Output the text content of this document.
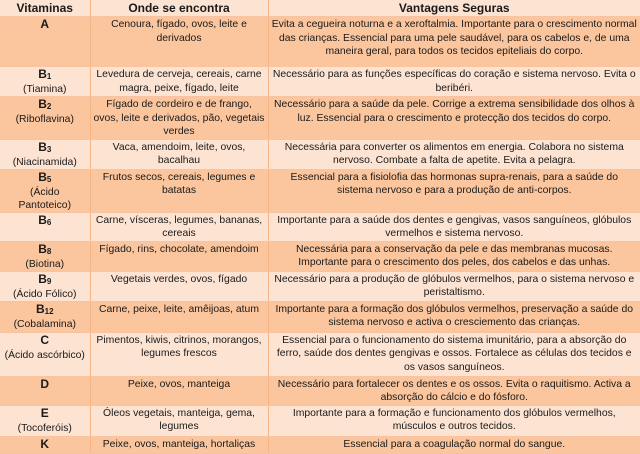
Vitaminas	Onde se encontra	Vantagens Seguras

A	Cenoura, fígado, ovos, leite e derivados	Evita a cegueira noturna e a xeroftalmia. Importante para o crescimento normal das crianças. Essencial para uma pele saudável, para os cabelos e, de uma maneira geral, para todos os tecidos epiteliais do corpo.

$B_1$
(Tiamina)	Levedura de cerveja, cereais, carne magra, peixe, fígado, leite	Necessário para as funções específicas do coração e sistema nervoso. Evita o beribéri.

$B_2$
(Riboflavina)	Fígado de cordeiro e de frango, ovos, leite e derivados, pão, vegetais verdes	Necessário para a saúde da pele. Corrige a extrema sensibilidade dos olhos à luz. Essencial para o crescimento e protecção dos tecidos do corpo.

$B_3$
(Niacinamida)	Vaca, amendoim, leite, ovos, bacalhau	Necessária para converter os alimentos em energia. Colabora no sistema nervoso. Combate a falta de apetite. Evita a pelagra.

$B_5$
(Ácido Pantoteico)	Frutos secos, cereais, legumes e batatas	Essencial para a fisiolofia das hormonas supra-renais, para a saúde do sistema nervoso e para a produção de anti-corpos.

$B_6$	Carne, vísceras, legumes, bananas, cereais	Importante para a saúde dos dentes e gengivas, vasos sanguíneos, glóbulos vermelhos e sistema nervoso.

$B_8$
(Biotina)	Fígado, rins, chocolate, amendoim	Necessária para a conservação da pele e das membranas mucosas. Importante para o crescimento dos peles, dos cabelos e das unhas.

$B_9$
(Ácido Fólico)	Vegetais verdes, ovos, fígado	Necessário para a produção de glóbulos vermelhos, para o sistema nervoso e peristaltismo.

$B_{12}$
(Cobalamina)	Carne, peixe, leite, amêijoas, atum	Importante para a formação dos glóbulos vermelhos, preservação a saúde do sistema nervoso e activa o cresciemento das crianças.

C
(Ácido ascórbico)	Pimentos, kiwis, citrinos, morangos, legumes frescos	Essencial para o funcionamento do sistema imunitário, para a absorção do ferro, saúde dos dentes gengivas e ossos. Fortalece as células dos tecidos e os vasos sanguíneos.

D	Peixe, ovos, manteiga	Necessário para fortalecer os dentes e os ossos. Evita o raquitismo. Activa a absorção do cálcio e do fósforo.

E
(Tocoferóis)	Óleos vegetais, manteiga, gema, legumes	Importante para a formação e funcionamento dos glóbulos vermelhos, músculos e outros tecidos.

K	Peixe, ovos, manteiga, hortaliças	Essencial para a coagulação normal do sangue.
